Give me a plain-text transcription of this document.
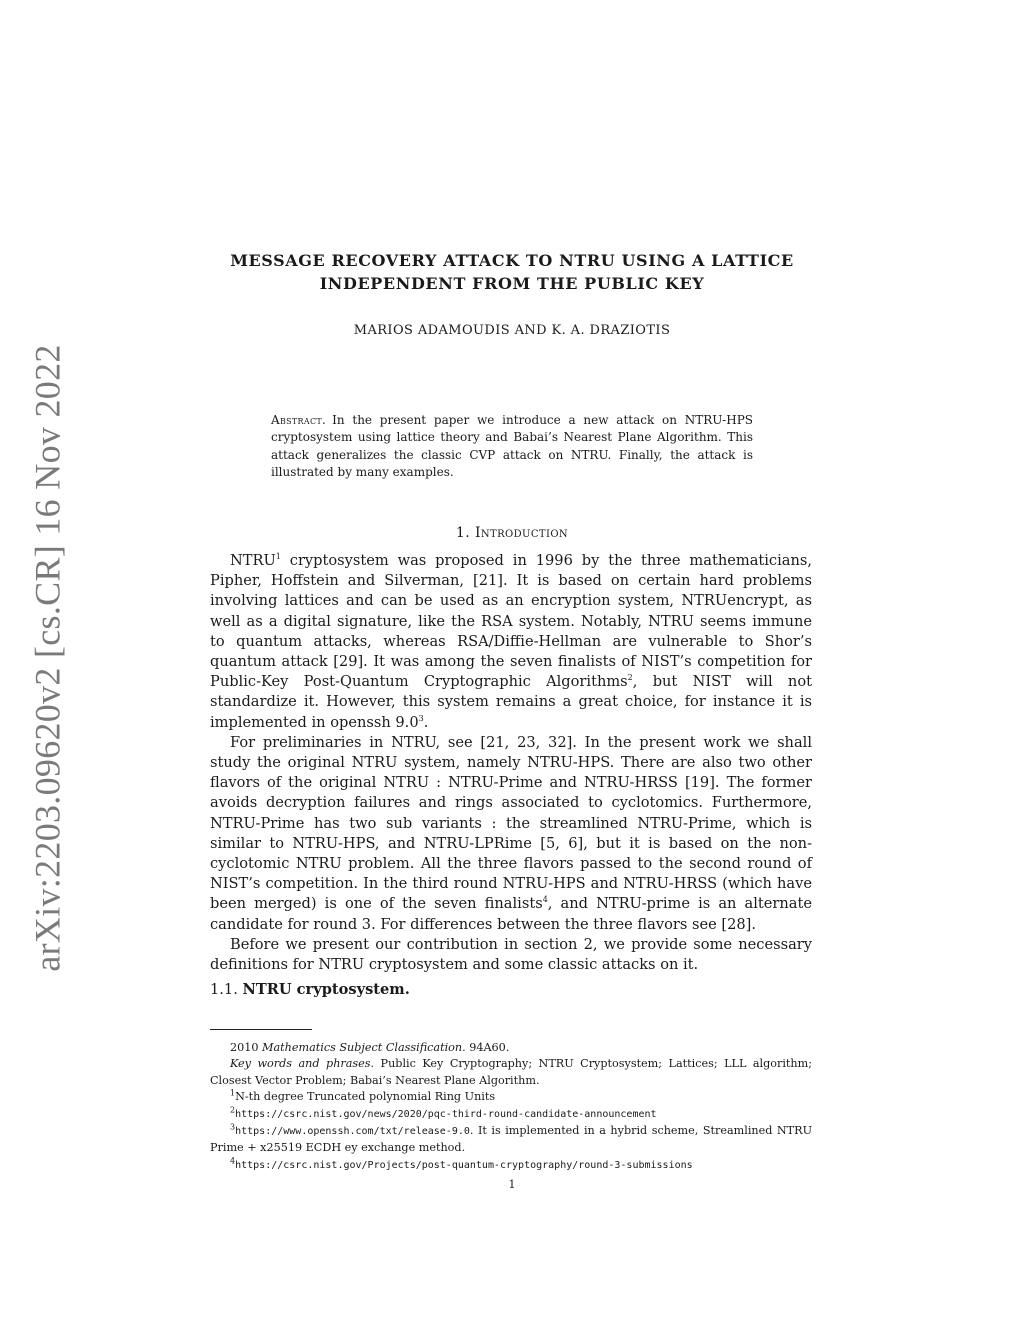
arXiv:2203.09620v2 [cs.CR] 16 Nov 2022
MESSAGE RECOVERY ATTACK TO NTRU USING A LATTICE
INDEPENDENT FROM THE PUBLIC KEY
MARIOS ADAMOUDIS AND K. A. DRAZIOTIS
Abstract. In the present paper we introduce a new attack on NTRU-HPS cryptosystem using lattice theory and Babai’s Nearest Plane Algorithm. This attack generalizes the classic CVP attack on NTRU. Finally, the attack is illustrated by many examples.
1. Introduction

NTRU$^1$ cryptosystem was proposed in 1996 by the three mathematicians, Pipher, Hoffstein and Silverman, [21]. It is based on certain hard problems involving lattices and can be used as an encryption system, NTRUencrypt, as well as a digital signature, like the RSA system. Notably, NTRU seems immune to quantum attacks, whereas RSA/Diffie-Hellman are vulnerable to Shor’s quantum attack [29]. It was among the seven finalists of NIST’s competition for Public-Key Post-Quantum Cryptographic Algorithms$^2$, but NIST will not standardize it. However, this system remains a great choice, for instance it is implemented in openssh $9.0^3$.

For preliminaries in NTRU, see [21, 23, 32]. In the present work we shall study the original NTRU system, namely NTRU-HPS. There are also two other flavors of the original NTRU : NTRU-Prime and NTRU-HRSS [19]. The former avoids decryption failures and rings associated to cyclotomics. Furthermore, NTRU-Prime has two sub variants : the streamlined NTRU-Prime, which is similar to NTRU-HPS, and NTRU-LPRime [5, 6], but it is based on the non-cyclotomic NTRU problem. All the three flavors passed to the second round of NIST’s competition. In the third round NTRU-HPS and NTRU-HRSS (which have been merged) is one of the seven finalists$^4$, and NTRU-prime is an alternate candidate for round 3. For differences between the three flavors see [28].

Before we present our contribution in section 2, we provide some necessary definitions for NTRU cryptosystem and some classic attacks on it.

1.1. NTRU cryptosystem.

2010 Mathematics Subject Classification. 94A60.

Key words and phrases. Public Key Cryptography; NTRU Cryptosystem; Lattices; LLL algorithm; Closest Vector Problem; Babai’s Nearest Plane Algorithm.

$^1$N-th degree Truncated polynomial Ring Units

$^2$https://csrc.nist.gov/news/2020/pqc-third-round-candidate-announcement

$^3$https://www.openssh.com/txt/release-9.0. It is implemented in a hybrid scheme, Streamlined NTRU Prime + x25519 ECDH ey exchange method.

$^4$https://csrc.nist.gov/Projects/post-quantum-cryptography/round-3-submissions

1
